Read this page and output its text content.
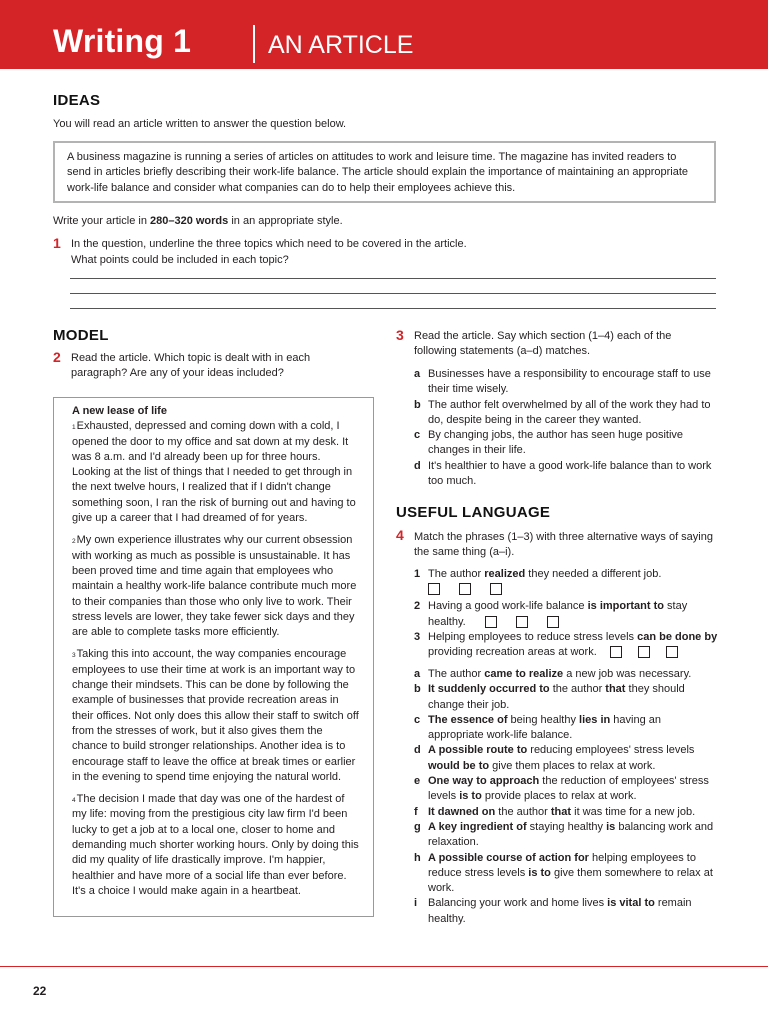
Writing 1	AN ARTICLE
IDEAS
You will read an article written to answer the question below.
A business magazine is running a series of articles on attitudes to work and leisure time. The magazine has invited readers to send in articles briefly describing their work-life balance. The article should explain the importance of maintaining an appropriate work-life balance and consider what companies can do to help their employees achieve this.
Write your article in 280–320 words in an appropriate style.
1 In the question, underline the three topics which need to be covered in the article.
What points could be included in each topic?
MODEL
2 Read the article. Which topic is dealt with in each paragraph? Are any of your ideas included?
A new lease of life
$^1$Exhausted, depressed and coming down with a cold, I opened the door to my office and sat down at my desk. It was 8 a.m. and I'd already been up for three hours. Looking at the list of things that I needed to get through in the next twelve hours, I realized that if I didn't change something soon, I ran the risk of burning out and having to give up a career that I had dreamed of for years.
$^2$My own experience illustrates why our current obsession with working as much as possible is unsustainable. It has been proved time and time again that employees who maintain a healthy work-life balance contribute much more to their companies than those who only live to work. Their stress levels are lower, they take fewer sick days and they are able to complete tasks more efficiently.
$^3$Taking this into account, the way companies encourage employees to use their time at work is an important way to change their mindsets. This can be done by following the example of businesses that provide recreation areas in their offices. Not only does this allow their staff to switch off from the stresses of work, but it also gives them the chance to build stronger relationships. Another idea is to encourage staff to leave the office at break times or earlier in the evening to spend time enjoying the natural world.
$^4$The decision I made that day was one of the hardest of my life: moving from the prestigious city law firm I'd been lucky to get a job at to a local one, closer to home and demanding much shorter working hours. Only by doing this did my quality of life drastically improve. I'm happier, healthier and have more of a social life than ever before. It's a choice I would make again in a heartbeat.
3 Read the article. Say which section (1–4) each of the following statements (a–d) matches.
a Businesses have a responsibility to encourage staff to use their time wisely.
b The author felt overwhelmed by all of the work they had to do, despite being in the career they wanted.
c By changing jobs, the author has seen huge positive changes in their life.
d It's healthier to have a good work-life balance than to work too much.
USEFUL LANGUAGE
4 Match the phrases (1–3) with three alternative ways of saying the same thing (a–i).
1 The author realized they needed a different job.
2 Having a good work-life balance is important to stay healthy.
3 Helping employees to reduce stress levels can be done by providing recreation areas at work.
a The author came to realize a new job was necessary.
b It suddenly occurred to the author that they should change their job.
c The essence of being healthy lies in having an appropriate work-life balance.
d A possible route to reducing employees' stress levels would be to give them places to relax at work.
e One way to approach the reduction of employees' stress levels is to provide places to relax at work.
f It dawned on the author that it was time for a new job.
g A key ingredient of staying healthy is balancing work and relaxation.
h A possible course of action for helping employees to reduce stress levels is to give them somewhere to relax at work.
i Balancing your work and home lives is vital to remain healthy.
22
